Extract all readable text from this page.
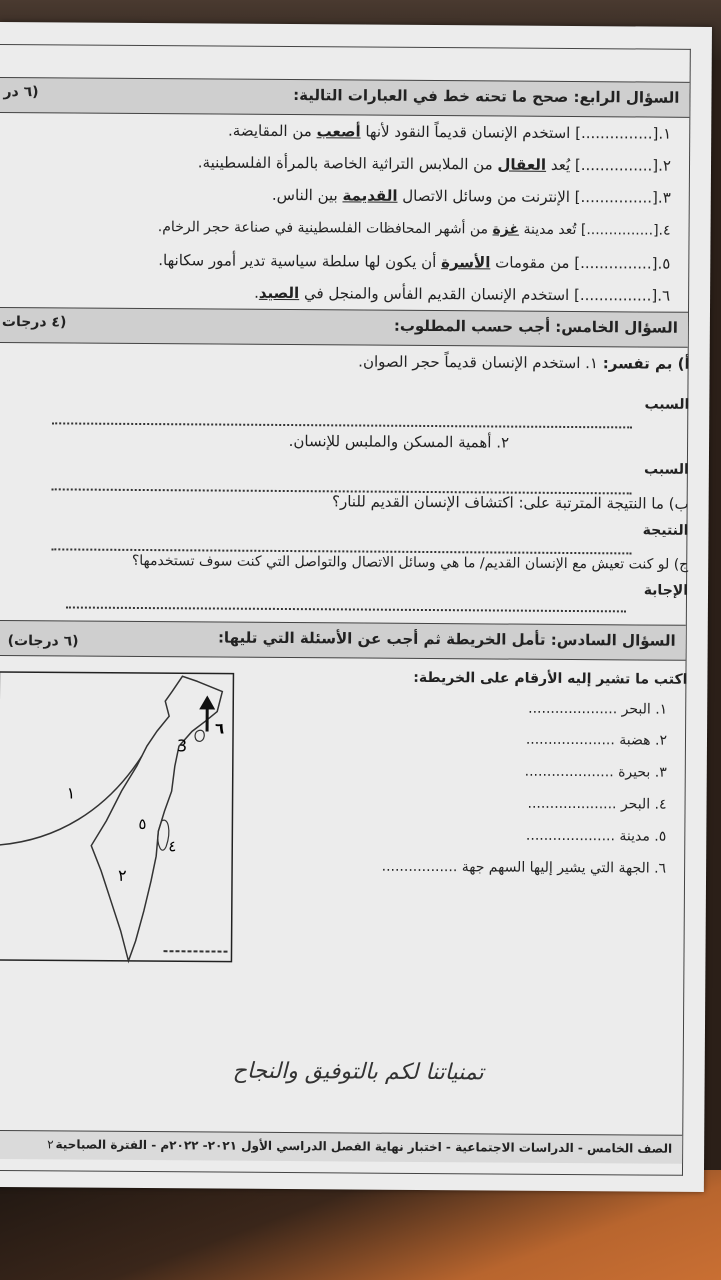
السؤال الرابع: صحح ما تحته خط في العبارات التالية:
(٦ در
١.[...............] استخدم الإنسان قديماً النقود لأنها أصعب من المقايضة.
٢.[...............] يُعد العقال من الملابس التراثية الخاصة بالمرأة الفلسطينية.
٣.[...............] الإنترنت من وسائل الاتصال القديمة بين الناس.
٤.[...............] تُعد مدينة غزة من أشهر المحافظات الفلسطينية في صناعة حجر الرخام.
٥.[...............] من مقومات الأسرة أن يكون لها سلطة سياسية تدير أمور سكانها.
٦.[...............] استخدم الإنسان القديم الفأس والمنجل في الصيد.
السؤال الخامس: أجب حسب المطلوب:
(٤ درجات
أ) بم تفسر: ١. استخدم الإنسان قديماً حجر الصوان.
السبب
٢. أهمية المسكن والملبس للإنسان.
السبب
ب) ما النتيجة المترتبة على: اكتشاف الإنسان القديم للنار؟
النتيجة
ج) لو كنت تعيش مع الإنسان القديم/ ما هي وسائل الاتصال والتواصل التي كنت سوف تستخدمها؟
الإجابة
السؤال السادس: تأمل الخريطة ثم أجب عن الأسئلة التي تليها:
(٦ درجات)
اكتب ما تشير إليه الأرقام على الخريطة:
١. البحر ....................
٢. هضبة ....................
٣. بحيرة ....................
٤. البحر ....................
٥. مدينة ....................
٦. الجهة التي يشير إليها السهم جهة .................
١
٢
3
٤
٥
٦
تمنياتنا لكم بالتوفيق والنجاح
الصف الخامس - الدراسات الاجتماعية - اختبار نهاية الفصل الدراسي الأول ٢٠٢١- ٢٠٢٢م - الفترة الصباحية
٢
